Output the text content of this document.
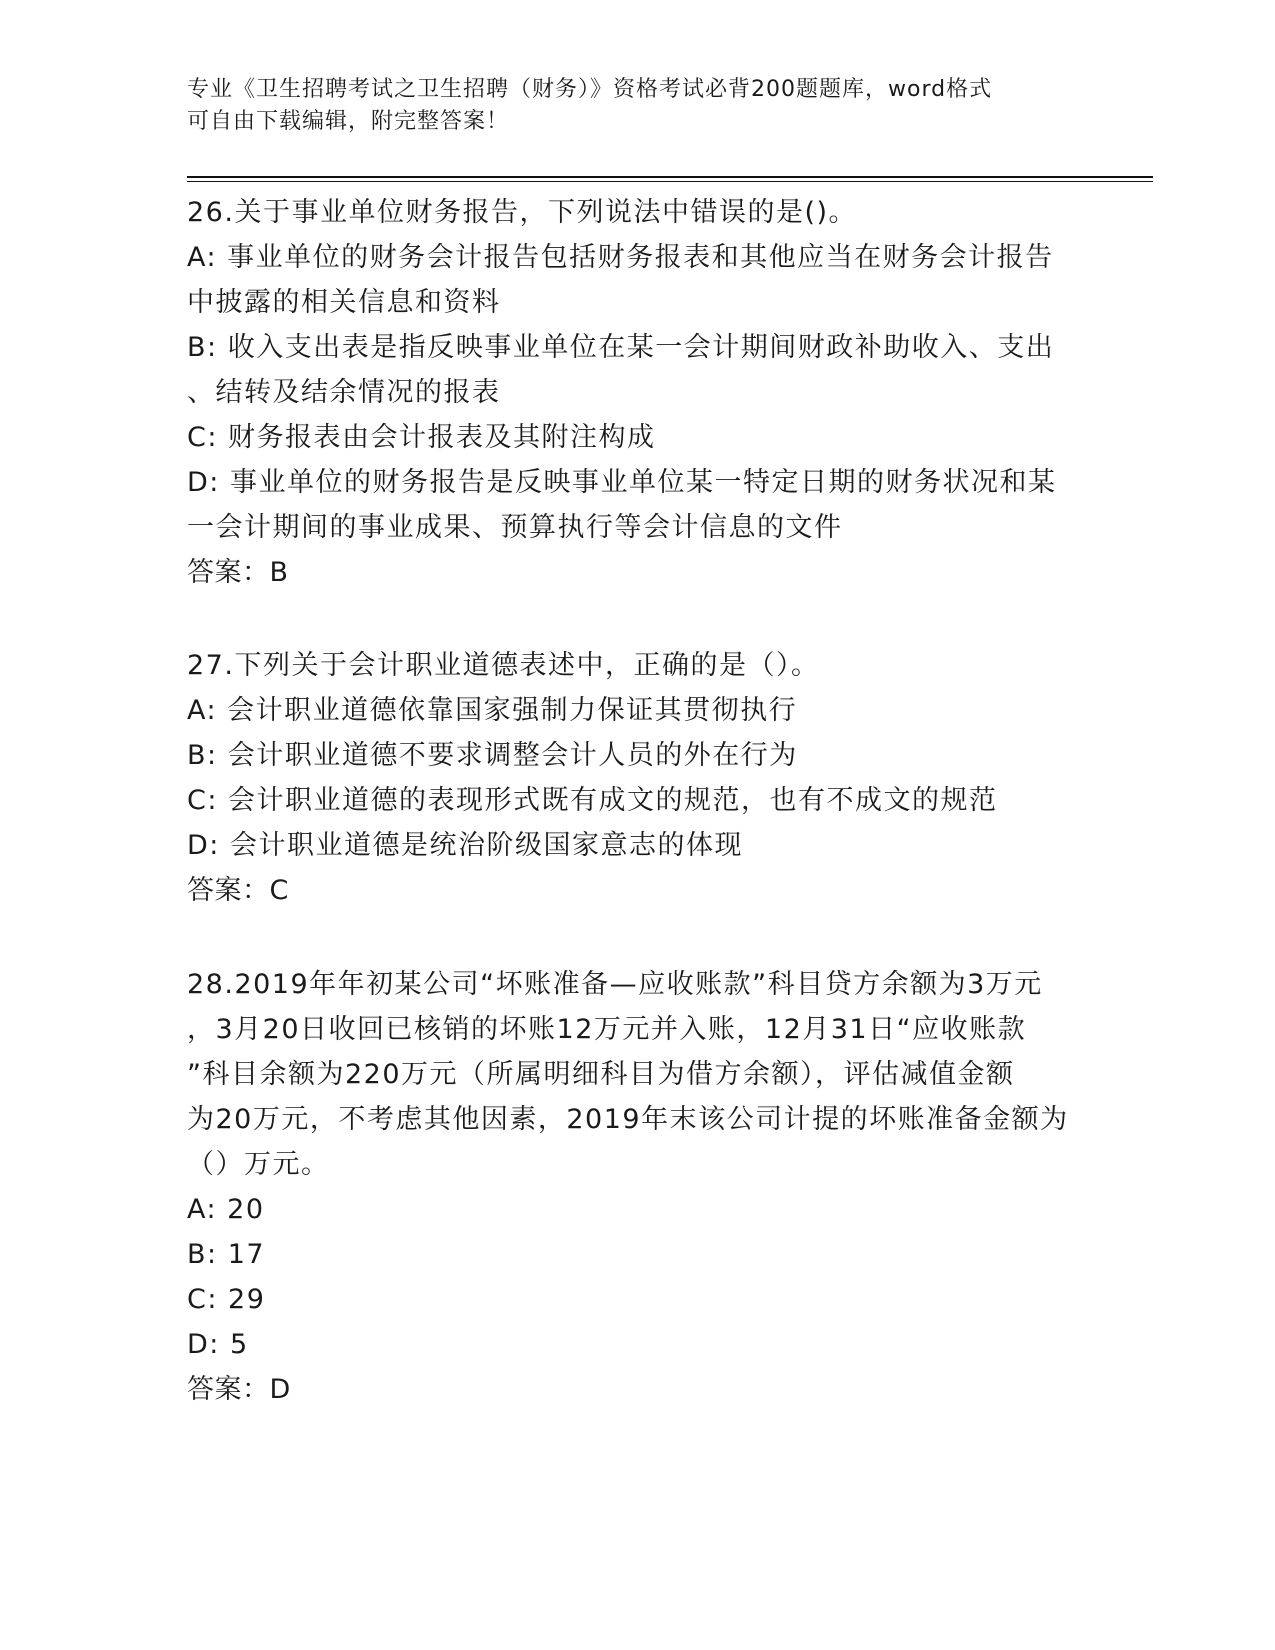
专业《卫生招聘考试之卫生招聘（财务）》资格考试必背200题题库，word格式
可自由下载编辑，附完整答案！
26.关于事业单位财务报告，下列说法中错误的是()。
A: 事业单位的财务会计报告包括财务报表和其他应当在财务会计报告
中披露的相关信息和资料
B: 收入支出表是指反映事业单位在某一会计期间财政补助收入、支出
、结转及结余情况的报表
C: 财务报表由会计报表及其附注构成
D: 事业单位的财务报告是反映事业单位某一特定日期的财务状况和某
一会计期间的事业成果、预算执行等会计信息的文件
答案：B
27.下列关于会计职业道德表述中，正确的是（）。
A: 会计职业道德依靠国家强制力保证其贯彻执行
B: 会计职业道德不要求调整会计人员的外在行为
C: 会计职业道德的表现形式既有成文的规范，也有不成文的规范
D: 会计职业道德是统治阶级国家意志的体现
答案：C
28.2019年年初某公司“坏账准备—应收账款”科目贷方余额为3万元
，3月20日收回已核销的坏账12万元并入账，12月31日“应收账款
”科目余额为220万元（所属明细科目为借方余额），评估减值金额
为20万元，不考虑其他因素，2019年末该公司计提的坏账准备金额为
（）万元。
A: 20
B: 17
C: 29
D: 5
答案：D
